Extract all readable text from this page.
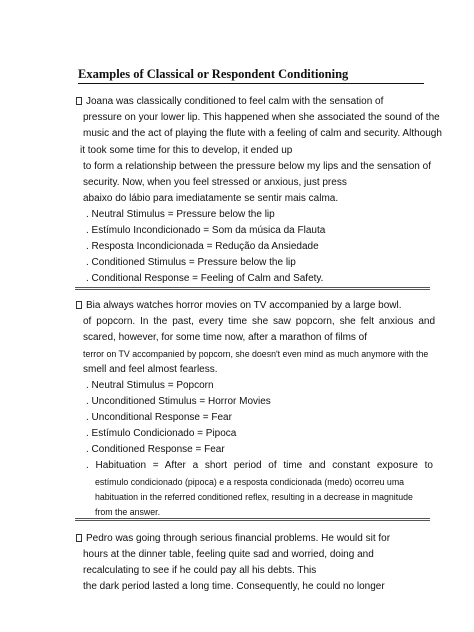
Examples of Classical or Respondent Conditioning
Joana was classically conditioned to feel calm with the sensation of
pressure on your lower lip. This happened when she associated the sound of the
music and the act of playing the flute with a feeling of calm and security. Although
it took some time for this to develop, it ended up
to form a relationship between the pressure below my lips and the sensation of
security. Now, when you feel stressed or anxious, just press
abaixo do lábio para imediatamente se sentir mais calma.
. Neutral Stimulus = Pressure below the lip
. Estímulo Incondicionado = Som da música da Flauta
. Resposta Incondicionada = Redução da Ansiedade
. Conditioned Stimulus = Pressure below the lip
. Conditional Response = Feeling of Calm and Safety.
Bia always watches horror movies on TV accompanied by a large bowl.
of popcorn. In the past, every time she saw popcorn, she felt anxious and
scared, however, for some time now, after a marathon of films of
terror on TV accompanied by popcorn, she doesn't even mind as much anymore with the
smell and feel almost fearless.
. Neutral Stimulus = Popcorn
. Unconditioned Stimulus = Horror Movies
. Unconditional Response = Fear
. Estímulo Condicionado = Pipoca
. Conditioned Response = Fear
. Habituation = After a short period of time and constant exposure to
estímulo condicionado (pipoca) e a resposta condicionada (medo) ocorreu uma
habituation in the referred conditioned reflex, resulting in a decrease in magnitude
from the answer.
Pedro was going through serious financial problems. He would sit for
hours at the dinner table, feeling quite sad and worried, doing and
recalculating to see if he could pay all his debts. This
the dark period lasted a long time. Consequently, he could no longer
